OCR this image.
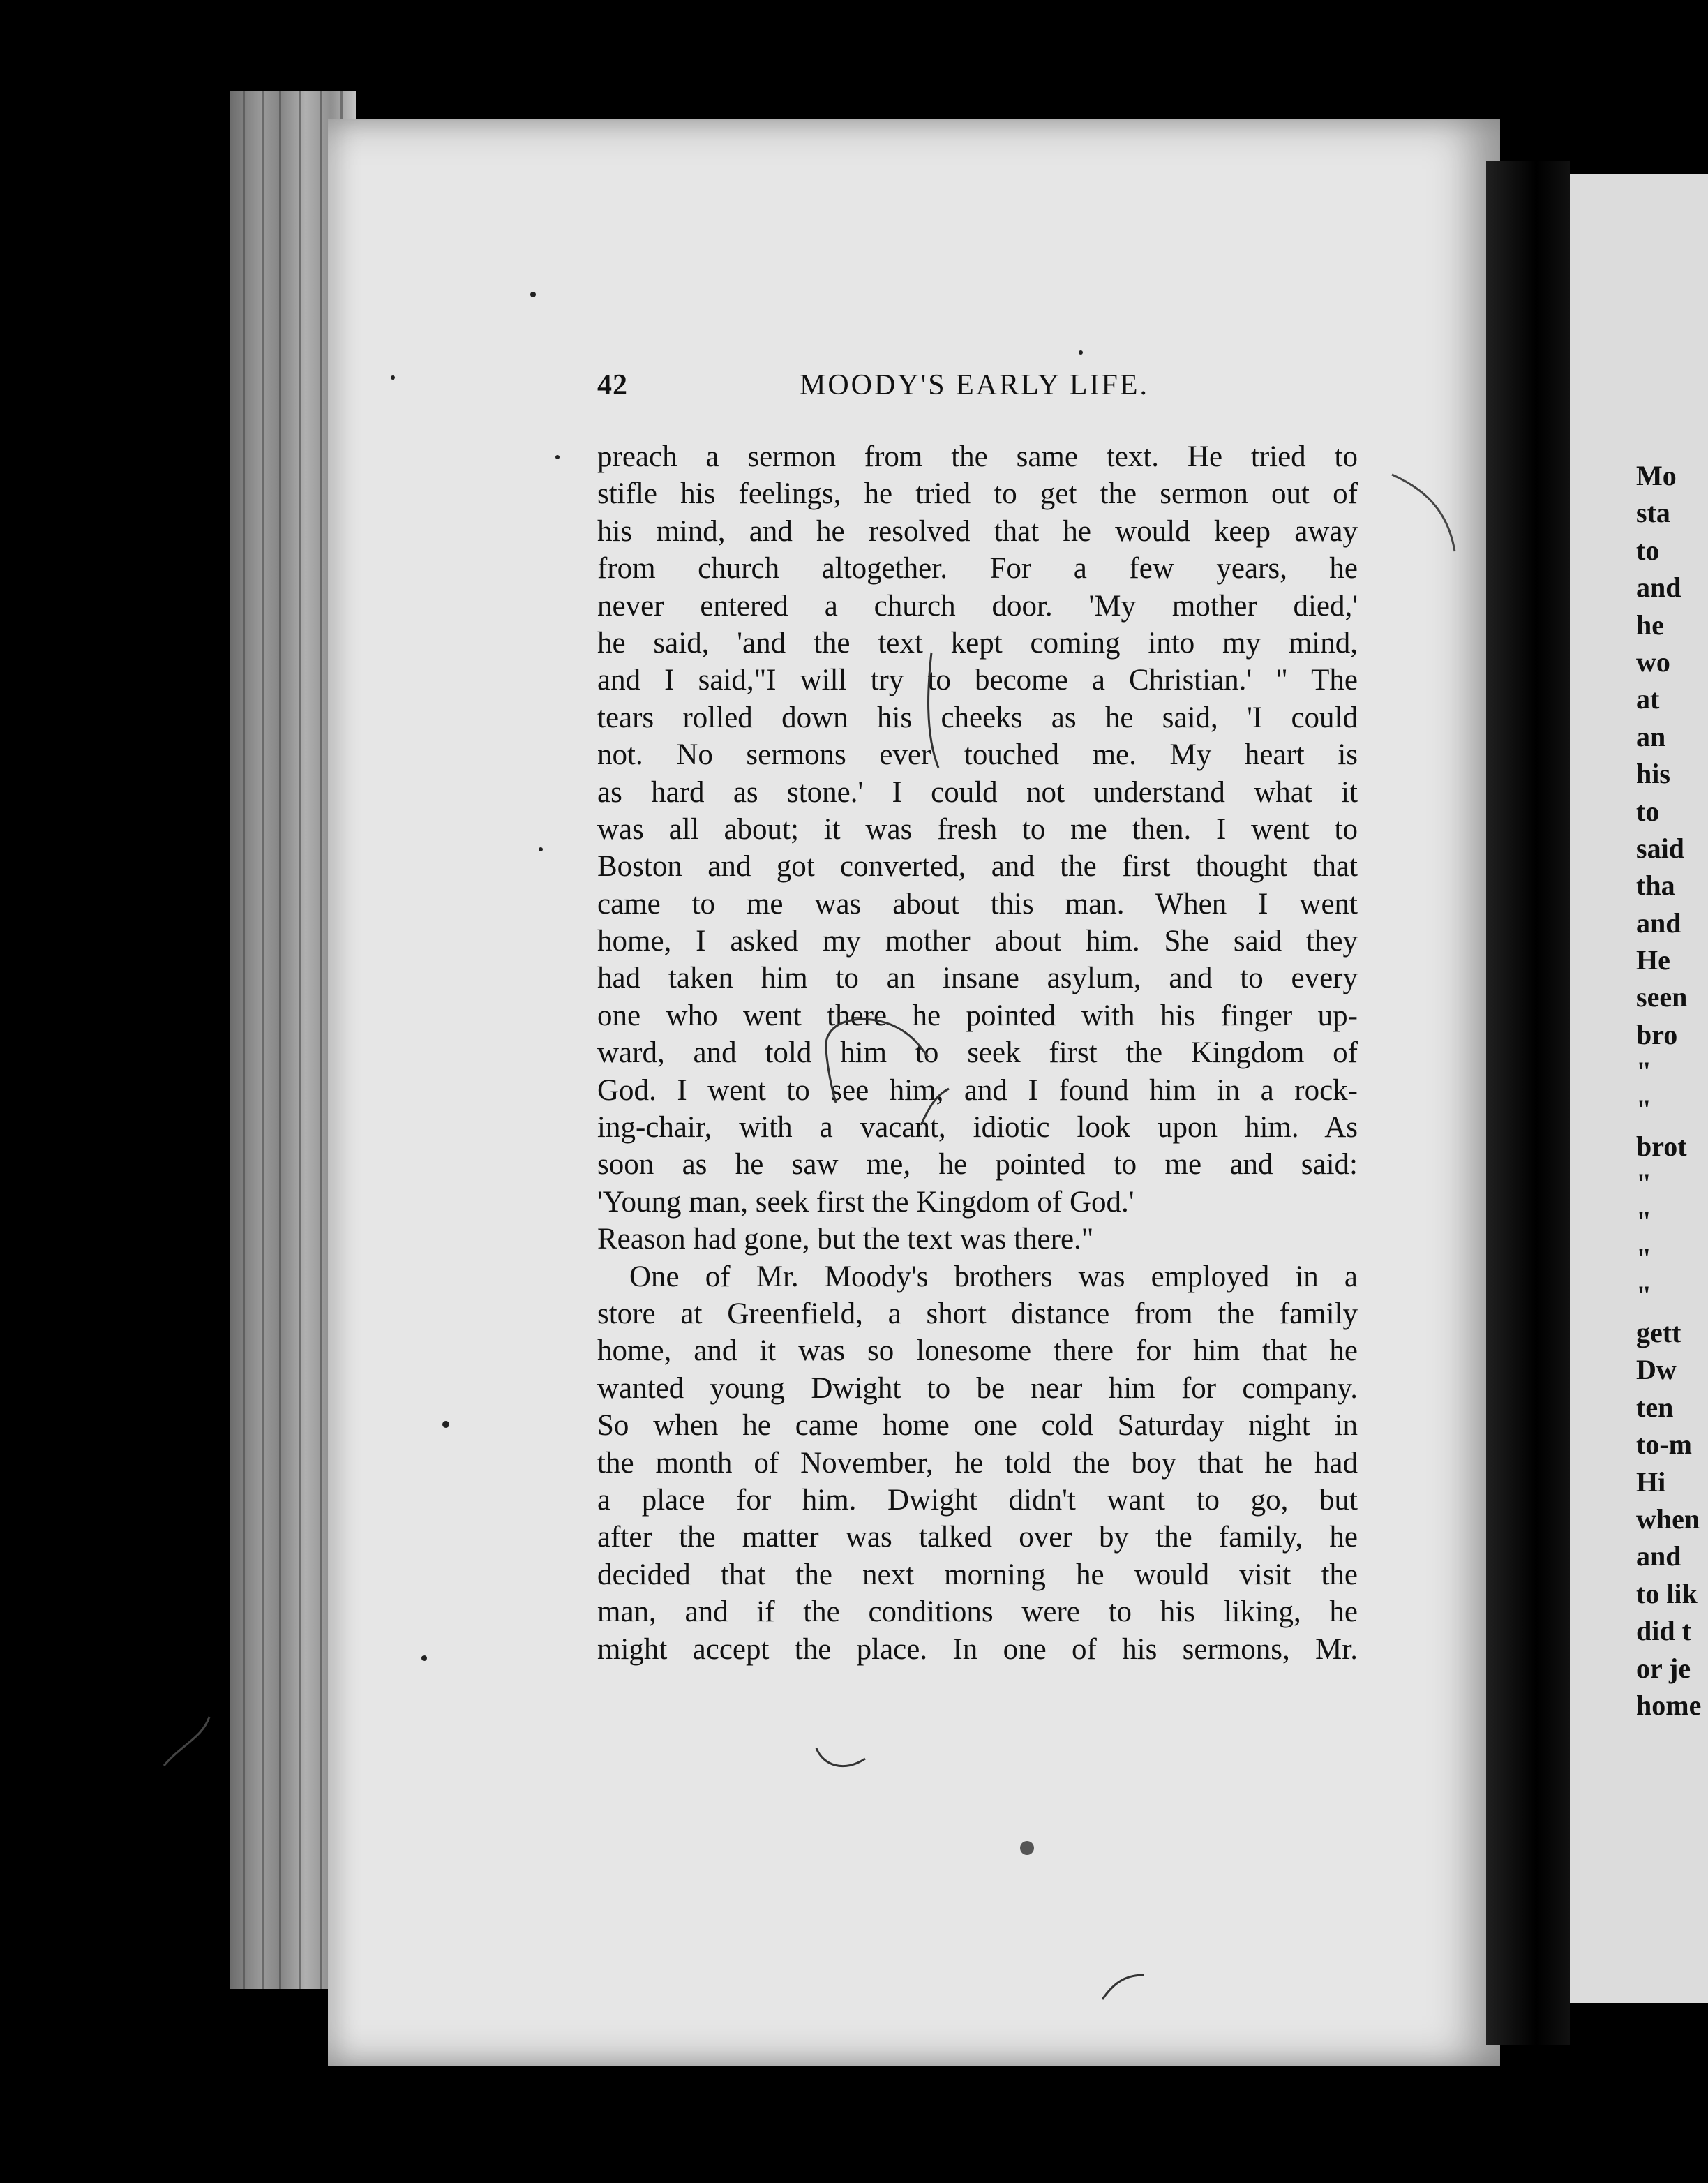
42	MOODY'S EARLY LIFE.
preach a sermon from the same text. He tried to
stifle his feelings, he tried to get the sermon out of
his mind, and he resolved that he would keep away
from church altogether. For a few years, he
never entered a church door. 'My mother died,'
he said, 'and the text kept coming into my mind,
and I said,"I will try to become a Christian.' " The
tears rolled down his cheeks as he said, 'I could
not. No sermons ever touched me. My heart is
as hard as stone.' I could not understand what it
was all about; it was fresh to me then. I went to
Boston and got converted, and the first thought that
came to me was about this man. When I went
home, I asked my mother about him. She said they
had taken him to an insane asylum, and to every
one who went there he pointed with his finger up-
ward, and told him to seek first the Kingdom of
God. I went to see him, and I found him in a rock-
ing-chair, with a vacant, idiotic look upon him. As
soon as he saw me, he pointed to me and said:
'Young man, seek first the Kingdom of God.'
Reason had gone, but the text was there."
One of Mr. Moody's brothers was employed in a
store at Greenfield, a short distance from the family
home, and it was so lonesome there for him that he
wanted young Dwight to be near him for company.
So when he came home one cold Saturday night in
the month of November, he told the boy that he had
a place for him. Dwight didn't want to go, but
after the matter was talked over by the family, he
decided that the next morning he would visit the
man, and if the conditions were to his liking, he
might accept the place. In one of his sermons, Mr.
Mo
sta
to
and
he
wo
at
an
his
to
said
tha
and
He
seen
bro
"
"
brot
"
"
"
"
gett
Dw
ten
to-m
Hi
when
and
to lik
did t
or je
home
